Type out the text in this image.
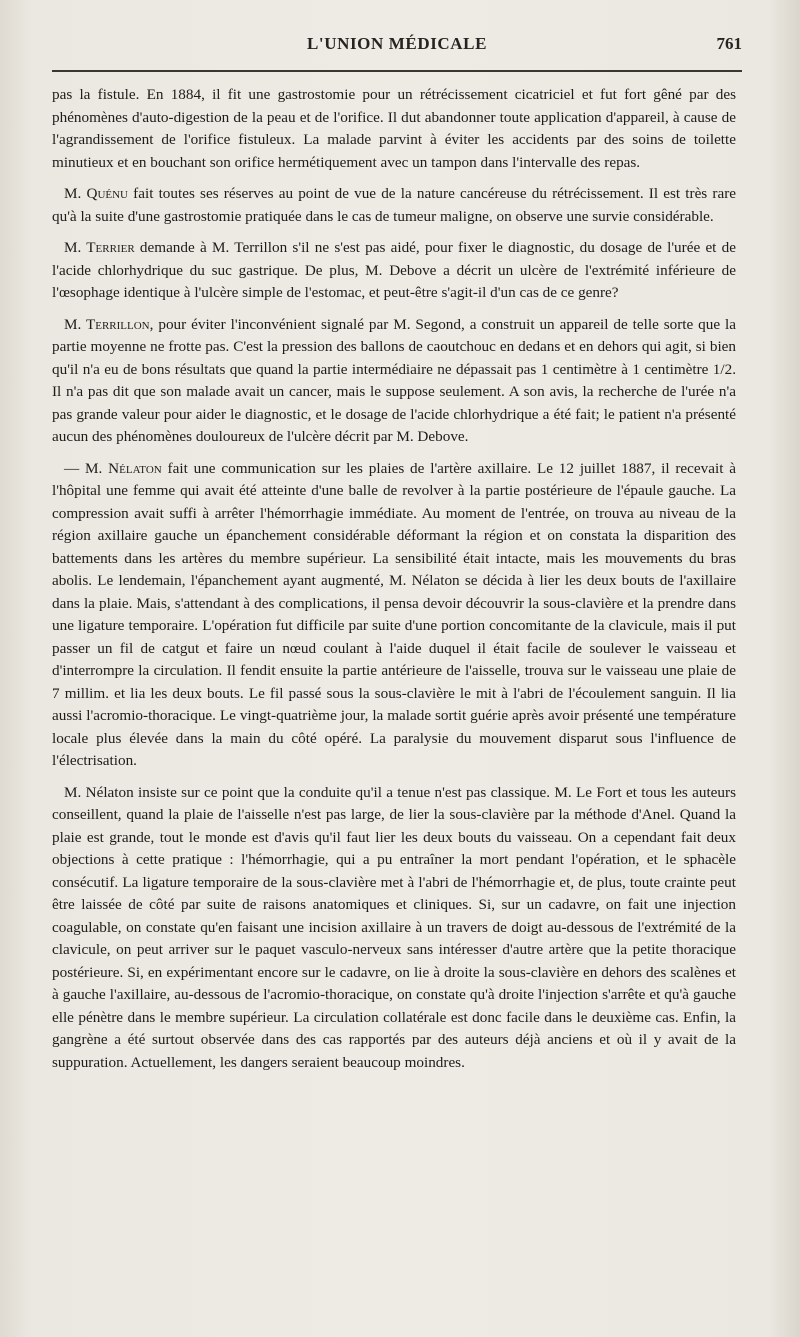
L'UNION MÉDICALE	761

pas la fistule. En 1884, il fit une gastrostomie pour un rétrécissement cicatriciel et fut fort gêné par des phénomènes d'auto-digestion de la peau et de l'orifice. Il dut abandonner toute application d'appareil, à cause de l'agrandissement de l'orifice fistuleux. La malade parvint à éviter les accidents par des soins de toilette minutieux et en bouchant son orifice hermétiquement avec un tampon dans l'intervalle des repas.

M. Quénu fait toutes ses réserves au point de vue de la nature cancéreuse du rétrécissement. Il est très rare qu'à la suite d'une gastrostomie pratiquée dans le cas de tumeur maligne, on observe une survie considérable.

M. Terrier demande à M. Terrillon s'il ne s'est pas aidé, pour fixer le diagnostic, du dosage de l'urée et de l'acide chlorhydrique du suc gastrique. De plus, M. Debove a décrit un ulcère de l'extrémité inférieure de l'œsophage identique à l'ulcère simple de l'estomac, et peut-être s'agit-il d'un cas de ce genre?

M. Terrillon, pour éviter l'inconvénient signalé par M. Segond, a construit un appareil de telle sorte que la partie moyenne ne frotte pas. C'est la pression des ballons de caoutchouc en dedans et en dehors qui agit, si bien qu'il n'a eu de bons résultats que quand la partie intermédiaire ne dépassait pas 1 centimètre à 1 centimètre 1/2. Il n'a pas dit que son malade avait un cancer, mais le suppose seulement. A son avis, la recherche de l'urée n'a pas grande valeur pour aider le diagnostic, et le dosage de l'acide chlorhydrique a été fait; le patient n'a présenté aucun des phénomènes douloureux de l'ulcère décrit par M. Debove.

— M. Nélaton fait une communication sur les plaies de l'artère axillaire. Le 12 juillet 1887, il recevait à l'hôpital une femme qui avait été atteinte d'une balle de revolver à la partie postérieure de l'épaule gauche. La compression avait suffi à arrêter l'hémorrhagie immédiate. Au moment de l'entrée, on trouva au niveau de la région axillaire gauche un épanchement considérable déformant la région et on constata la disparition des battements dans les artères du membre supérieur. La sensibilité était intacte, mais les mouvements du bras abolis. Le lendemain, l'épanchement ayant augmenté, M. Nélaton se décida à lier les deux bouts de l'axillaire dans la plaie. Mais, s'attendant à des complications, il pensa devoir découvrir la sous-clavière et la prendre dans une ligature temporaire. L'opération fut difficile par suite d'une portion concomitante de la clavicule, mais il put passer un fil de catgut et faire un nœud coulant à l'aide duquel il était facile de soulever le vaisseau et d'interrompre la circulation. Il fendit ensuite la partie antérieure de l'aisselle, trouva sur le vaisseau une plaie de 7 millim. et lia les deux bouts. Le fil passé sous la sous-clavière le mit à l'abri de l'écoulement sanguin. Il lia aussi l'acromio-thoracique. Le vingt-quatrième jour, la malade sortit guérie après avoir présenté une température locale plus élevée dans la main du côté opéré. La paralysie du mouvement disparut sous l'influence de l'électrisation.

M. Nélaton insiste sur ce point que la conduite qu'il a tenue n'est pas classique. M. Le Fort et tous les auteurs conseillent, quand la plaie de l'aisselle n'est pas large, de lier la sous-clavière par la méthode d'Anel. Quand la plaie est grande, tout le monde est d'avis qu'il faut lier les deux bouts du vaisseau. On a cependant fait deux objections à cette pratique : l'hémorrhagie, qui a pu entraîner la mort pendant l'opération, et le sphacèle consécutif. La ligature temporaire de la sous-clavière met à l'abri de l'hémorrhagie et, de plus, toute crainte peut être laissée de côté par suite de raisons anatomiques et cliniques. Si, sur un cadavre, on fait une injection coagulable, on constate qu'en faisant une incision axillaire à un travers de doigt au-dessous de l'extrémité de la clavicule, on peut arriver sur le paquet vasculo-nerveux sans intéresser d'autre artère que la petite thoracique postérieure. Si, en expérimentant encore sur le cadavre, on lie à droite la sous-clavière en dehors des scalènes et à gauche l'axillaire, au-dessous de l'acromio-thoracique, on constate qu'à droite l'injection s'arrête et qu'à gauche elle pénètre dans le membre supérieur. La circulation collatérale est donc facile dans le deuxième cas. Enfin, la gangrène a été surtout observée dans des cas rapportés par des auteurs déjà anciens et où il y avait de la suppuration. Actuellement, les dangers seraient beaucoup moindres.
